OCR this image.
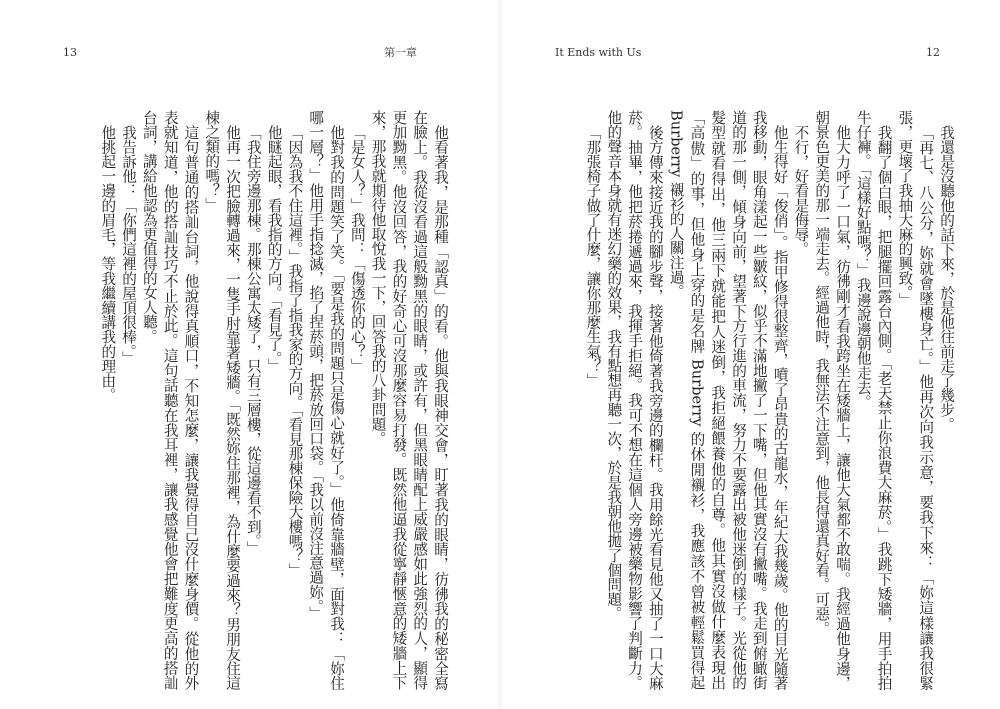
13	第一章

他看著我，是那種「認真」的看。他與我眼神交會，盯著我的眼睛，彷彿我的秘密全寫在臉上。我從沒看過這般黝黑的眼睛，或許有，但黑眼睛配上威嚴感如此強烈的人，顯得更加黝黑。他沒回答，我的好奇心可沒那麼容易打發。既然他逼我從寧靜愜意的矮牆上下來，那我就期待他取悅我一下，回答我的八卦問題。

「是女人？」我問：「傷透你的心？」

他對我的問題笑了笑。「要是我的問題只是傷心就好了。」他倚靠牆壁，面對我：「妳住哪一層？」他用手指捻滅，掐了捏菸頭，把菸放回口袋。「我以前沒注意過妳。」

「因為我不住這裡。」我指了指我家的方向。「看見那棟保險大樓嗎？」

他瞇起眼，看我指的方向。「看見了。」

「我住旁邊那棟。那棟公寓太矮了，只有三層樓，從這邊看不到。」

他再一次把臉轉過來，一隻手肘靠著矮牆。「既然妳住那裡，為什麼要過來？男朋友住這棟之類的嗎？」

這句普通的搭訕台詞，他說得真順口，不知怎麼，讓我覺得自己沒什麼身價。從他的外表就知道，他的搭訕技巧不止於此。這句話聽在我耳裡，讓我感覺他會把難度更高的搭訕台詞，講給他認為更值得的女人聽。

我告訴他：「你們這裡的屋頂很棒。」

他挑起一邊的眉毛，等我繼續講我的理由。

It Ends with Us	12

我還是沒聽他的話下來，於是他往前走了幾步。

「再七、八公分，妳就會墜樓身亡。」他再次向我示意，要我下來：「妳這樣讓我很緊張，更壞了我抽大麻的興致。」

我翻了個白眼，把腿擺回露台內側。「老天禁止你浪費大麻菸。」我跳下矮牆，用手拍拍牛仔褲。「這樣好點嗎？」我邊說邊朝他走去。

他大力呼了一口氣，彷彿剛才看我跨坐在矮牆上，讓他大氣都不敢喘。我經過他身邊，朝景色更美的那一端走去。經過他時，我無法不注意到，他長得還真好看。可惡。

不行，好看是侮辱。

他生得好「俊俏」。指甲修得很整齊，噴了昂貴的古龍水，年紀大我幾歲。他的目光隨著我移動，眼角漾起一些皺紋，似乎不滿地撇了一下嘴，但他其實沒有撇嘴。我走到俯瞰街道的那一側，傾身向前，望著下方行進的車流，努力不要露出被他迷倒的樣子。光從他的髮型就看得出，他三兩下就能把人迷倒，我拒絕餵養他的自尊。他其實沒做什麼表現出「高傲」的事，但他身上穿的是名牌 Burberry 的休閒襯衫，我應該不曾被輕鬆買得起 Burberry 襯衫的人關注過。

後方傳來接近我的腳步聲，接著他倚著我旁邊的欄杆。我用餘光看見他又抽了一口大麻菸。抽畢，他把菸捲遞過來，我揮手拒絕。我可不想在這個人旁邊被藥物影響了判斷力。他的聲音本身就有迷幻藥的效果，我有點想再聽一次，於是我朝他拋了個問題。

「那張椅子做了什麼，讓你那麼生氣？」
